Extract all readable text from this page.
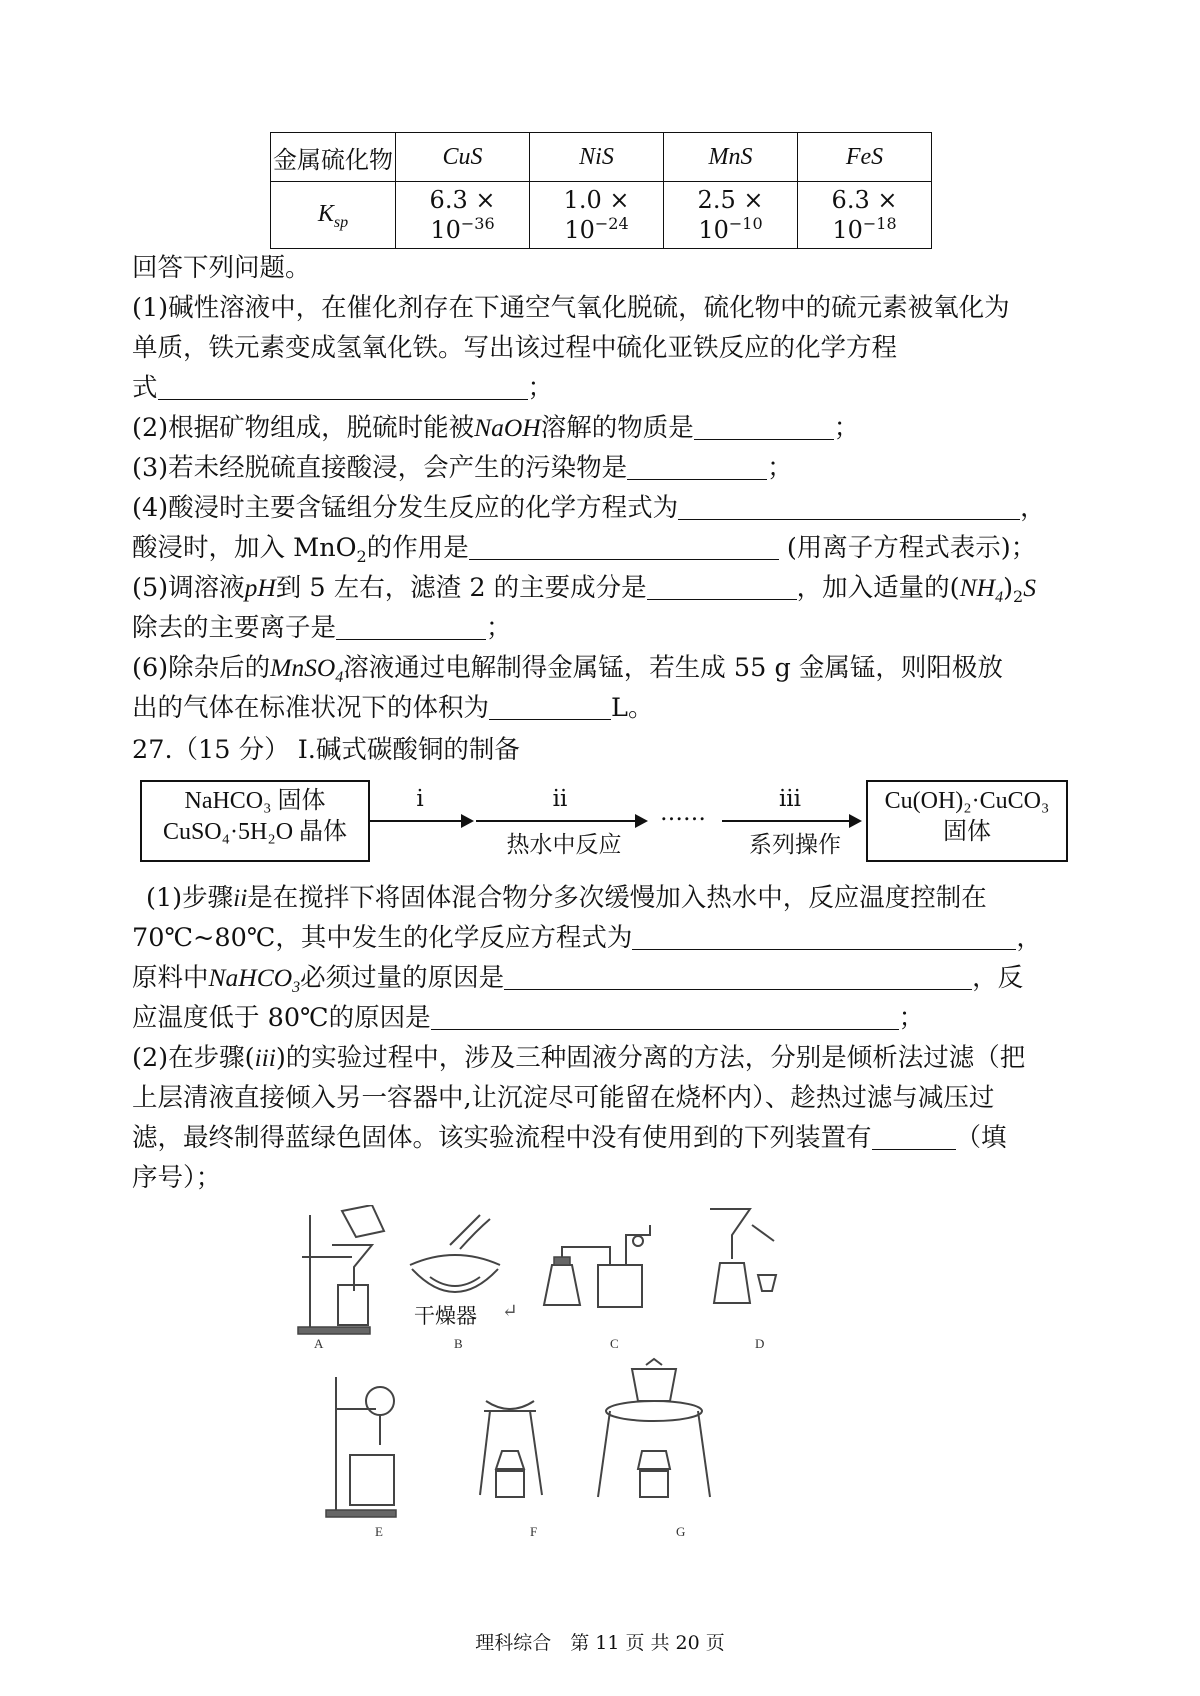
金属硫化物	CuS	NiS	MnS	FeS
$K_{sp}$	$6.3 \times 10^{-36}$	$1.0 \times 10^{-24}$	$2.5 \times 10^{-10}$	$6.3 \times 10^{-18}$
回答下列问题。
(1)碱性溶液中，在催化剂存在下通空气氧化脱硫，硫化物中的硫元素被氧化为
单质，铁元素变成氢氧化铁。写出该过程中硫化亚铁反应的化学方程
式	；
(2)根据矿物组成，脱硫时能被NaOH溶解的物质是	；
(3)若未经脱硫直接酸浸，会产生的污染物是	；
(4)酸浸时主要含锰组分发生反应的化学方程式为	，
酸浸时，加入 MnO$_2$的作用是	(用离子方程式表示)；
(5)调溶液pH到 5 左右，滤渣 2 的主要成分是	，加入适量的$(NH_4)_2S$
除去的主要离子是	；
(6)除杂后的MnSO$_4$溶液通过电解制得金属锰，若生成 55 g 金属锰，则阳极放
出的气体在标准状况下的体积为	L。
27.（15 分） I.碱式碳酸铜的制备
NaHCO₃ 固体
CuSO₄·5H₂O 晶体
i	ii
热水中反应
……
iii
系列操作
Cu(OH)₂·CuCO₃
固体
(1)步骤ii是在搅拌下将固体混合物分多次缓慢加入热水中，反应温度控制在
70℃~80℃，其中发生的化学反应方程式为	，
原料中NaHCO$_3$必须过量的原因是	，反
应温度低于 80℃的原因是	；
(2)在步骤(iii)的实验过程中，涉及三种固液分离的方法，分别是倾析法过滤（把
上层清液直接倾入另一容器中,让沉淀尽可能留在烧杯内）、趁热过滤与减压过
滤，最终制得蓝绿色固体。该实验流程中没有使用到的下列装置有	（填
序号）；
干燥器 ↵
A	B	C	D
E	F	G
理科综合　第 11 页 共 20 页
